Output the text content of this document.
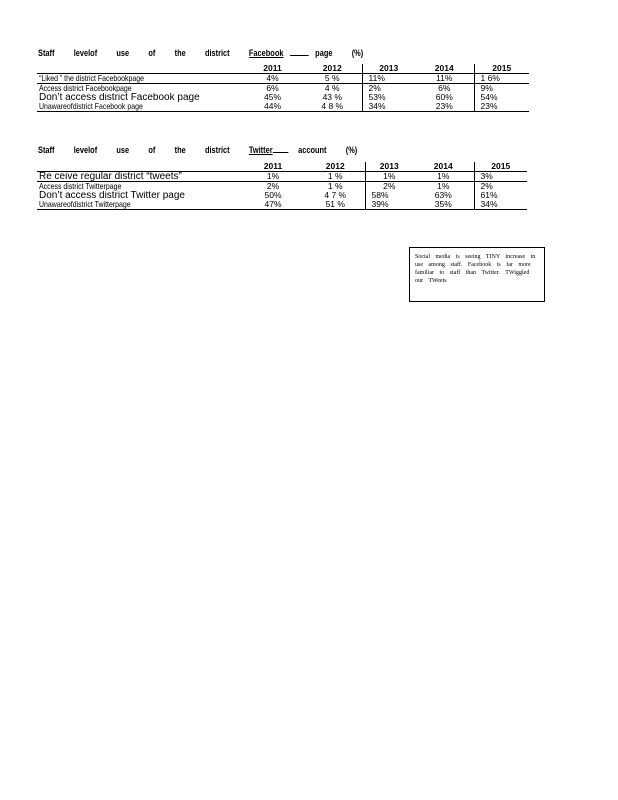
Staff levelof use of the district Facebook	page (%)
	2011	2012	2013	2014	2015
“Liked ” the district Facebookpage	4%	5 %	11%	11%	1 6%
Access district Facebookpage	6%	4 %	2%	6%	9%
Don’t access district Facebook page	45%	43 %	53%	60%	54%
Unawareofdistrict Facebook page	44%	4 8 %	34%	23%	23%
Staff levelof use of the district Twitter	account (%)
	2011	2012	2013	2014	2015
Re ceive regular district “tweets”	1%	1 %	1%	1%	3%
Access district Twitterpage	2%	1 %	2%	1%	2%
Don’t access district Twitter page	50%	4 7 %	58%	63%	61%
Unawareofdistrict Twitterpage	47%	51 %	39%	35%	34%
Social media is seeing TINY increase in use among staff. Facebook is far more familiar to staff than Twitter. TWiggled our TWeets
